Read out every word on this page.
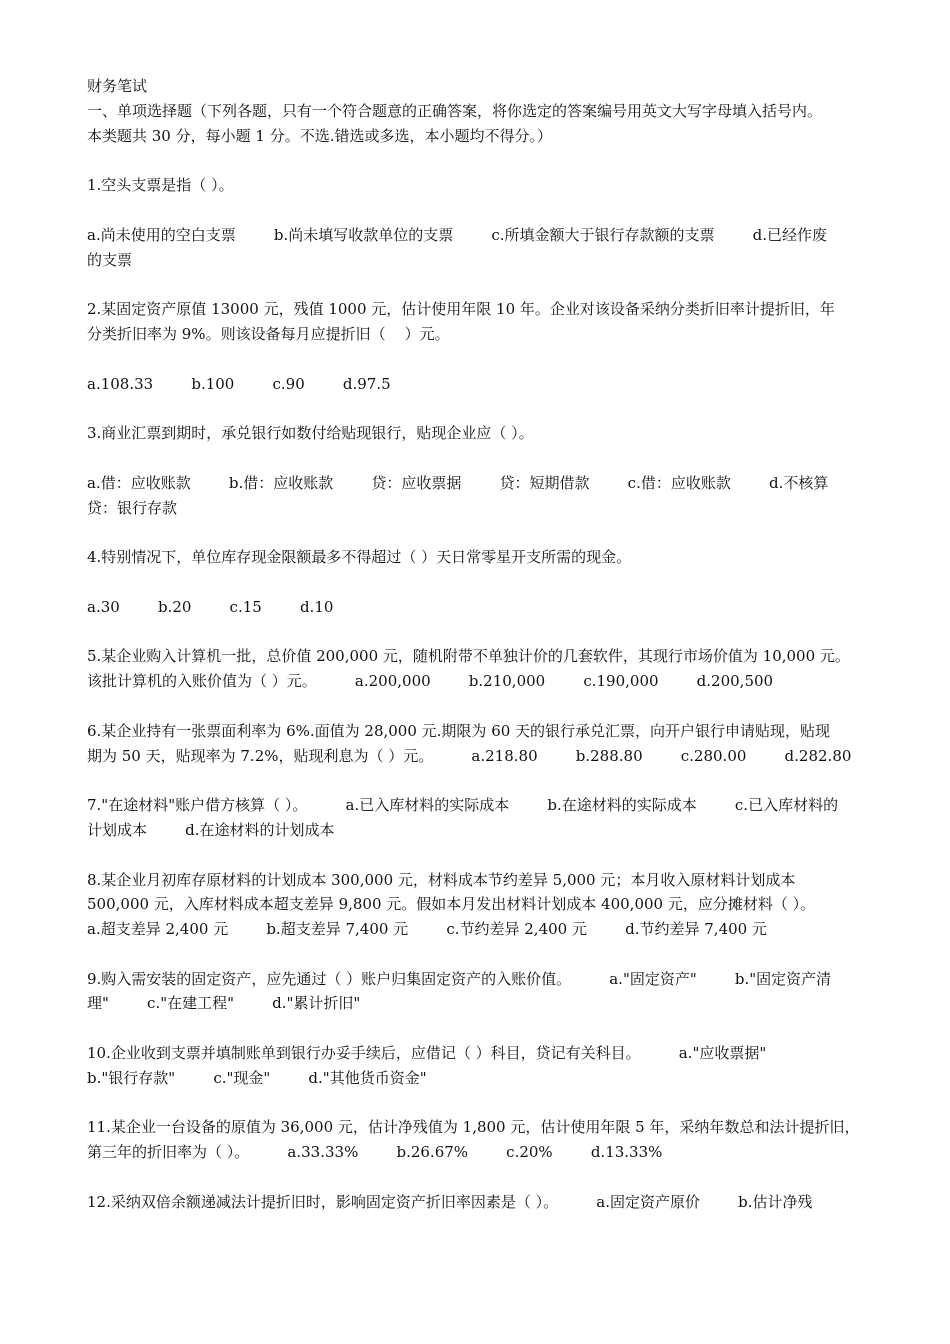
财务笔试
一、单项选择题（下列各题，只有一个符合题意的正确答案，将你选定的答案编号用英文大写字母填入括号内。
本类题共 30 分，每小题 1 分。不选.错选或多选，本小题均不得分。）
1.空头支票是指（ ）。
a.尚未使用的空白支票        b.尚未填写收款单位的支票        c.所填金额大于银行存款额的支票        d.已经作废
的支票
2.某固定资产原值 13000 元，残值 1000 元，估计使用年限 10 年。企业对该设备采纳分类折旧率计提折旧，年
分类折旧率为 9%。则该设备每月应提折旧（    ）元。
a.108.33        b.100        c.90        d.97.5
3.商业汇票到期时，承兑银行如数付给贴现银行，贴现企业应（ ）。
a.借：应收账款        b.借：应收账款        贷：应收票据        贷：短期借款        c.借：应收账款        d.不核算
贷：银行存款
4.特别情况下，单位库存现金限额最多不得超过（ ）天日常零星开支所需的现金。
a.30        b.20        c.15        d.10
5.某企业购入计算机一批，总价值 200,000 元，随机附带不单独计价的几套软件，其现行市场价值为 10,000 元。
该批计算机的入账价值为（ ）元。        a.200,000        b.210,000        c.190,000        d.200,500
6.某企业持有一张票面利率为 6%.面值为 28,000 元.期限为 60 天的银行承兑汇票，向开户银行申请贴现，贴现
期为 50 天，贴现率为 7.2%，贴现利息为（ ）元。        a.218.80        b.288.80        c.280.00        d.282.80
7."在途材料"账户借方核算（ ）。        a.已入库材料的实际成本        b.在途材料的实际成本        c.已入库材料的
计划成本        d.在途材料的计划成本
8.某企业月初库存原材料的计划成本 300,000 元，材料成本节约差异 5,000 元；本月收入原材料计划成本
500,000 元，入库材料成本超支差异 9,800 元。假如本月发出材料计划成本 400,000 元，应分摊材料（ ）。
a.超支差异 2,400 元        b.超支差异 7,400 元        c.节约差异 2,400 元        d.节约差异 7,400 元
9.购入需安装的固定资产，应先通过（ ）账户归集固定资产的入账价值。        a."固定资产"        b."固定资产清
理"        c."在建工程"        d."累计折旧"
10.企业收到支票并填制账单到银行办妥手续后，应借记（ ）科目，贷记有关科目。        a."应收票据"
b."银行存款"        c."现金"        d."其他货币资金"
11.某企业一台设备的原值为 36,000 元，估计净残值为 1,800 元，估计使用年限 5 年，采纳年数总和法计提折旧，
第三年的折旧率为（ ）。        a.33.33%        b.26.67%        c.20%        d.13.33%
12.采纳双倍余额递减法计提折旧时，影响固定资产折旧率因素是（ ）。        a.固定资产原价        b.估计净残
